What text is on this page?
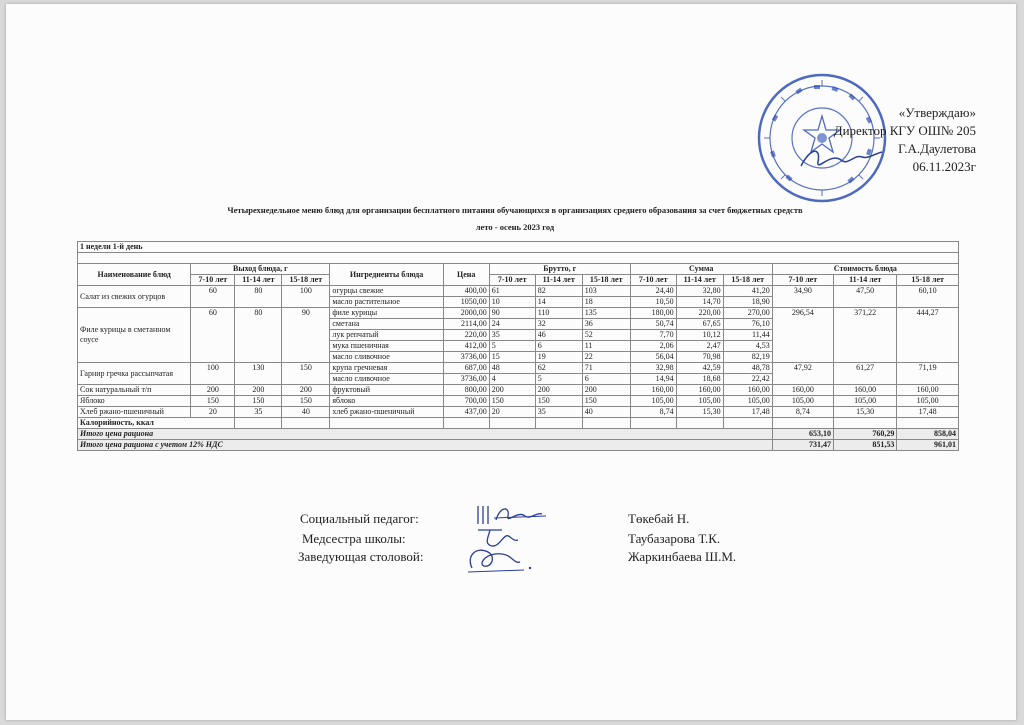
«Утверждаю»
Директор КГУ ОШ№ 205
Г.А.Даулетова
06.11.2023г
Четырехнедельное меню блюд для организации бесплатного питания обучающихся в организациях среднего образования за счет бюджетных средств
лето - осень 2023 год
1 недели 1-й день														

Наименование блюд	Выход блюда, г			Ингредиенты блюда	Цена	Брутто, г			Сумма			Стоимость блюда		
	7-10 лет	11-14 лет	15-18 лет			7-10 лет	11-14 лет	15-18 лет	7-10 лет	11-14 лет	15-18 лет	7-10 лет	11-14 лет	15-18 лет
Салат из свежих огурцов	60	80	100	огурцы свежие	400,00	61	82	103	24,40	32,80	41,20	34,90	47,50	60,10
				масло растительное	1050,00	10	14	18	10,50	14,70	18,90			
Филе курицы в сметанном соусе	60	80	90	филе курицы	2000,00	90	110	135	180,00	220,00	270,00	296,54	371,22	444,27
				сметана	2114,00	24	32	36	50,74	67,65	76,10			
				лук репчатый	220,00	35	46	52	7,70	10,12	11,44			
				мука пшеничная	412,00	5	6	11	2,06	2,47	4,53			
				масло сливочное	3736,00	15	19	22	56,04	70,98	82,19			
Гарнир гречка рассыпчатая	100	130	150	крупа гречневая	687,00	48	62	71	32,98	42,59	48,78	47,92	61,27	71,19
				масло сливочное	3736,00	4	5	6	14,94	18,68	22,42			
Сок натуральный т/п	200	200	200	фруктовый	800,00	200	200	200	160,00	160,00	160,00	160,00	160,00	160,00
Яблоко	150	150	150	яблоко	700,00	150	150	150	105,00	105,00	105,00	105,00	105,00	105,00
Хлеб ржано-пшеничный	20	35	40	хлеб ржано-пшеничный	437,00	20	35	40	8,74	15,30	17,48	8,74	15,30	17,48
Калорийность, ккал														
Итого цена рациона												653,10	760,29	858,04
Итого цена рациона с учетом 12% НДС												731,47	851,53	961,01
Социальный педагог:
Медсестра школы:
Заведующая столовой:
Төкебай Н.
Таубазарова Т.К.
Жаркинбаева Ш.М.
